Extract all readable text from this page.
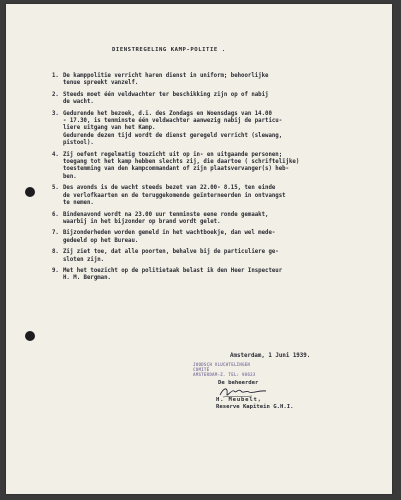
DIENSTREGELING KAMP-POLITIE .
1. De kamppolitie verricht haren dienst in uniform; behoorlijke
tenue spreekt vanzelf.
2. Steeds moet één veldwachter ter beschikking zijn op of nabij
de wacht.
3. Gedurende het bezoek, d.i. des Zondags en Woensdags van 14.00
- 17.30, is tenminste één veldwachter aanwezig nabij de particu-
liere uitgang van het Kamp.
Gedurende dezen tijd wordt de dienst geregeld verricht (slewang,
pistool).
4. Zij oefent regelmatig toezicht uit op in- en uitgaande personen;
toegang tot het kamp hebben slechts zij, die daartoe ( schriftelijke)
toestemming van den kampcommandant of zijn plaatsvervanger(s) heb-
ben.
5. Des avonds is de wacht steeds bezet van 22.00- 8.15, ten einde
de verlofkaarten en de teruggekomende geïnterneerden in ontvangst
te nemen.
6. Bindenavond wordt na 23.00 uur tenminste eene ronde gemaakt,
waarbij in het bijzonder op brand wordt gelet.
7. Bijzonderheden worden gemeld in het wachtboekje, dan wel mede-
gedeeld op het Bureau.
8. Zij ziet toe, dat alle poorten, behalve bij de particuliere ge-
sloten zijn.
9. Met het toezicht op de politietaak belast ik den Heer Inspecteur
H. M. Bergman.
Amsterdam, 1 Juni 1939.
JOODSCH VLUCHTELINGEN
COMITÉ
AMSTERDAM-Z. TEL: 98623
De beheerder
H. Meubelt,
Reserve Kapitein G.H.I.
